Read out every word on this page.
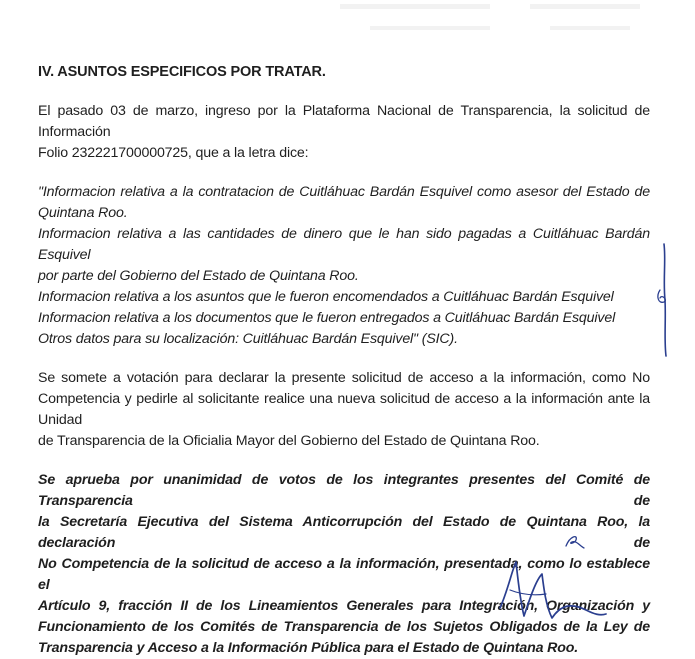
IV. ASUNTOS ESPECIFICOS POR TRATAR.
El pasado 03 de marzo, ingreso por la Plataforma Nacional de Transparencia, la solicitud de Información
Folio 232221700000725, que a la letra dice:
"Informacion relativa a la contratacion de Cuitláhuac Bardán Esquivel como asesor del Estado de
Quintana Roo.
Informacion relativa a las cantidades de dinero que le han sido pagadas a Cuitláhuac Bardán Esquivel
por parte del Gobierno del Estado de Quintana Roo.
Informacion relativa a los asuntos que le fueron encomendados a Cuitláhuac Bardán Esquivel
Informacion relativa a los documentos que le fueron entregados a Cuitláhuac Bardán Esquivel
Otros datos para su localización: Cuitláhuac Bardán Esquivel" (SIC).
Se somete a votación para declarar la presente solicitud de acceso a la información, como No
Competencia y pedirle al solicitante realice una nueva solicitud de acceso a la información ante la Unidad
de Transparencia de la Oficialia Mayor del Gobierno del Estado de Quintana Roo.
Se aprueba por unanimidad de votos de los integrantes presentes del Comité de Transparencia de
la Secretaría Ejecutiva del Sistema Anticorrupción del Estado de Quintana Roo, la declaración de
No Competencia de la solicitud de acceso a la información, presentada, como lo establece el
Artículo 9, fracción II de los Lineamientos Generales para Integración, Organización y
Funcionamiento de los Comités de Transparencia de los Sujetos Obligados de la Ley de
Transparencia y Acceso a la Información Pública para el Estado de Quintana Roo.
